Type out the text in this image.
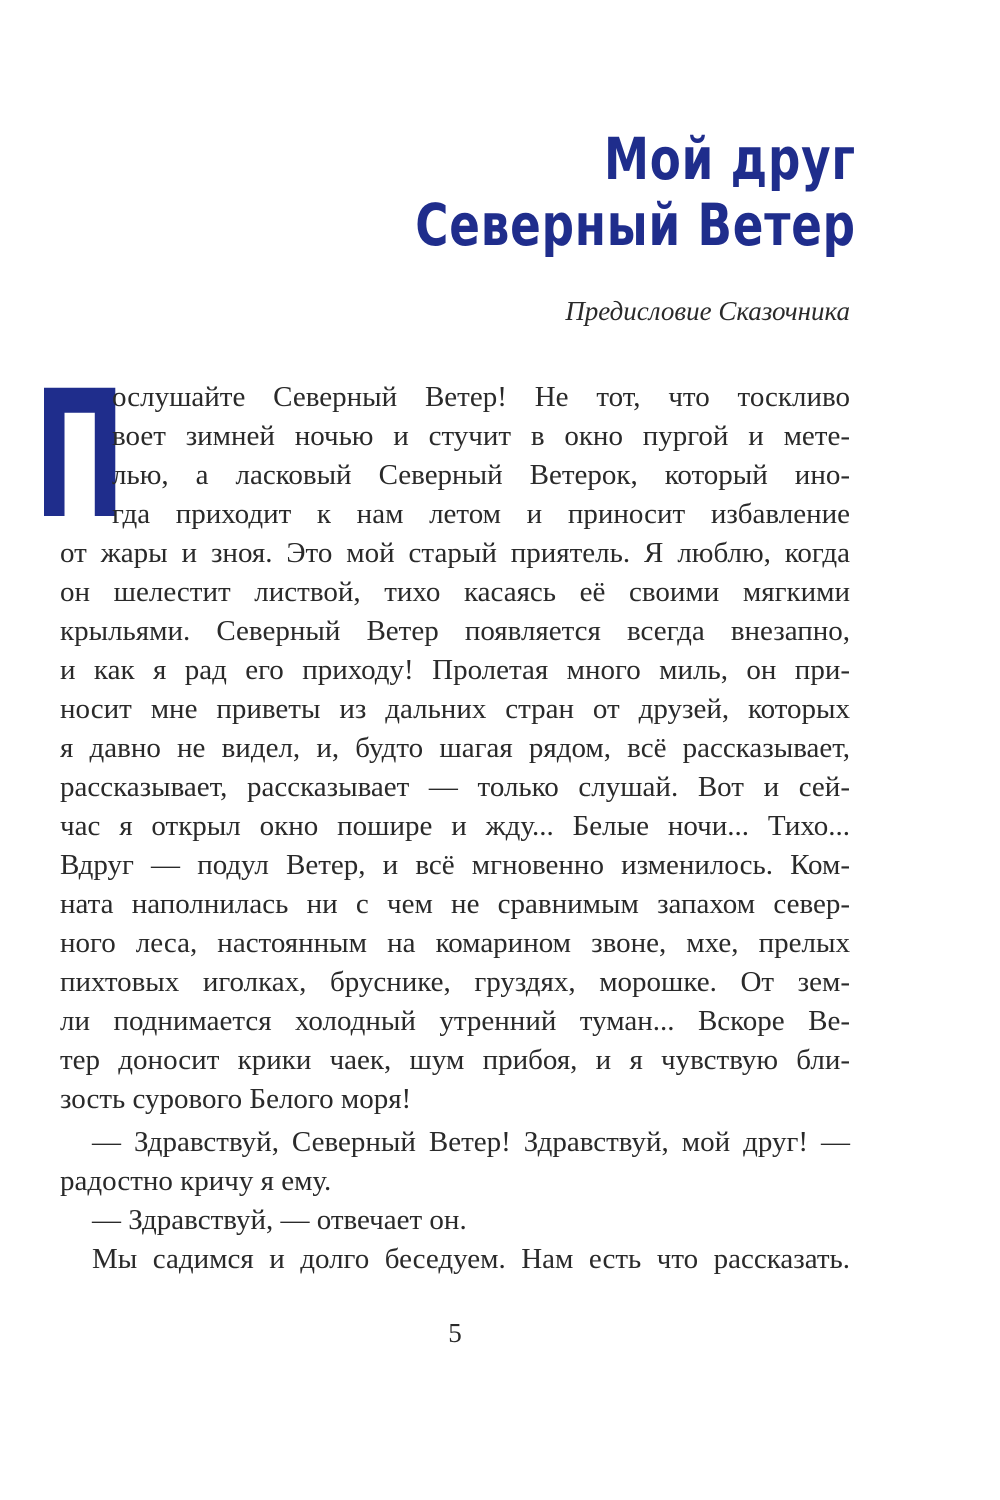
Мой друг
Северный Ветер
Предисловие Сказочника
П
ослушайте Северный Ветер! Не тот, что тоскливо
воет зимней ночью и стучит в окно пургой и мете-
лью, а ласковый Северный Ветерок, который ино-
гда приходит к нам летом и приносит избавление
от жары и зноя. Это мой старый приятель. Я люблю, когда
он шелестит листвой, тихо касаясь её своими мягкими
крыльями. Северный Ветер появляется всегда внезапно,
и как я рад его приходу! Пролетая много миль, он при-
носит мне приветы из дальних стран от друзей, которых
я давно не видел, и, будто шагая рядом, всё рассказывает,
рассказывает, рассказывает — только слушай. Вот и сей-
час я открыл окно пошире и жду... Белые ночи... Тихо...
Вдруг — подул Ветер, и всё мгновенно изменилось. Ком-
ната наполнилась ни с чем не сравнимым запахом север-
ного леса, настоянным на комарином звоне, мхе, прелых
пихтовых иголках, бруснике, груздях, морошке. От зем-
ли поднимается холодный утренний туман... Вскоре Ве-
тер доносит крики чаек, шум прибоя, и я чувствую бли-
зость сурового Белого моря!
— Здравствуй, Северный Ветер! Здравствуй, мой друг! —
радостно кричу я ему.
— Здравствуй, — отвечает он.
Мы садимся и долго беседуем. Нам есть что рассказать.
5
